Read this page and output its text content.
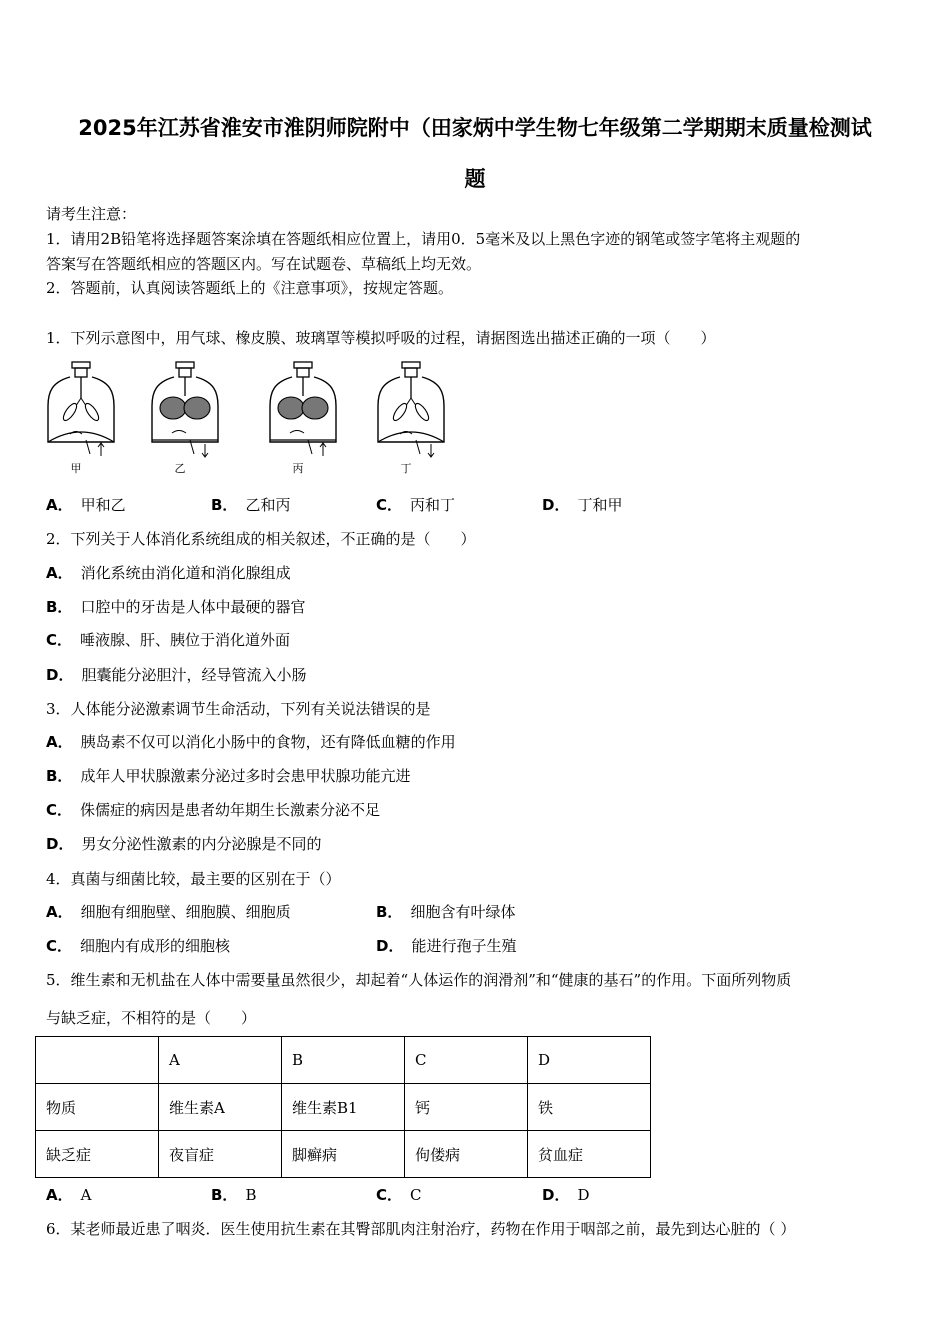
2025年江苏省淮安市淮阴师院附中（田家炳中学生物七年级第二学期期末质量检测试
题
请考生注意：
1．请用2B铅笔将选择题答案涂填在答题纸相应位置上，请用0．5毫米及以上黑色字迹的钢笔或签字笔将主观题的
答案写在答题纸相应的答题区内。写在试题卷、草稿纸上均无效。
2．答题前，认真阅读答题纸上的《注意事项》，按规定答题。
1．下列示意图中，用气球、橡皮膜、玻璃罩等模拟呼吸的过程，请据图选出描述正确的一项（　　）
甲	乙	丙	丁
A． 甲和乙	B． 乙和丙	C． 丙和丁	D． 丁和甲
2．下列关于人体消化系统组成的相关叙述，不正确的是（　　）
A． 消化系统由消化道和消化腺组成
B． 口腔中的牙齿是人体中最硬的器官
C． 唾液腺、肝、胰位于消化道外面
D． 胆囊能分泌胆汁，经导管流入小肠
3．人体能分泌激素调节生命活动，下列有关说法错误的是
A． 胰岛素不仅可以消化小肠中的食物，还有降低血糖的作用
B． 成年人甲状腺激素分泌过多时会患甲状腺功能亢进
C． 侏儒症的病因是患者幼年期生长激素分泌不足
D． 男女分泌性激素的内分泌腺是不同的
4．真菌与细菌比较，最主要的区别在于（）
A． 细胞有细胞壁、细胞膜、细胞质	B． 细胞含有叶绿体
C． 细胞内有成形的细胞核	D． 能进行孢子生殖
5．维生素和无机盐在人体中需要量虽然很少，却起着“人体运作的润滑剂”和“健康的基石”的作用。下面所列物质
与缺乏症，不相符的是（　　）
	A	B	C	D
物质	维生素A	维生素B1	钙	铁
缺乏症	夜盲症	脚癣病	佝偻病	贫血症
A． A	B． B	C． C	D． D
6．某老师最近患了咽炎．医生使用抗生素在其臀部肌肉注射治疗，药物在作用于咽部之前，最先到达心脏的（ ）
